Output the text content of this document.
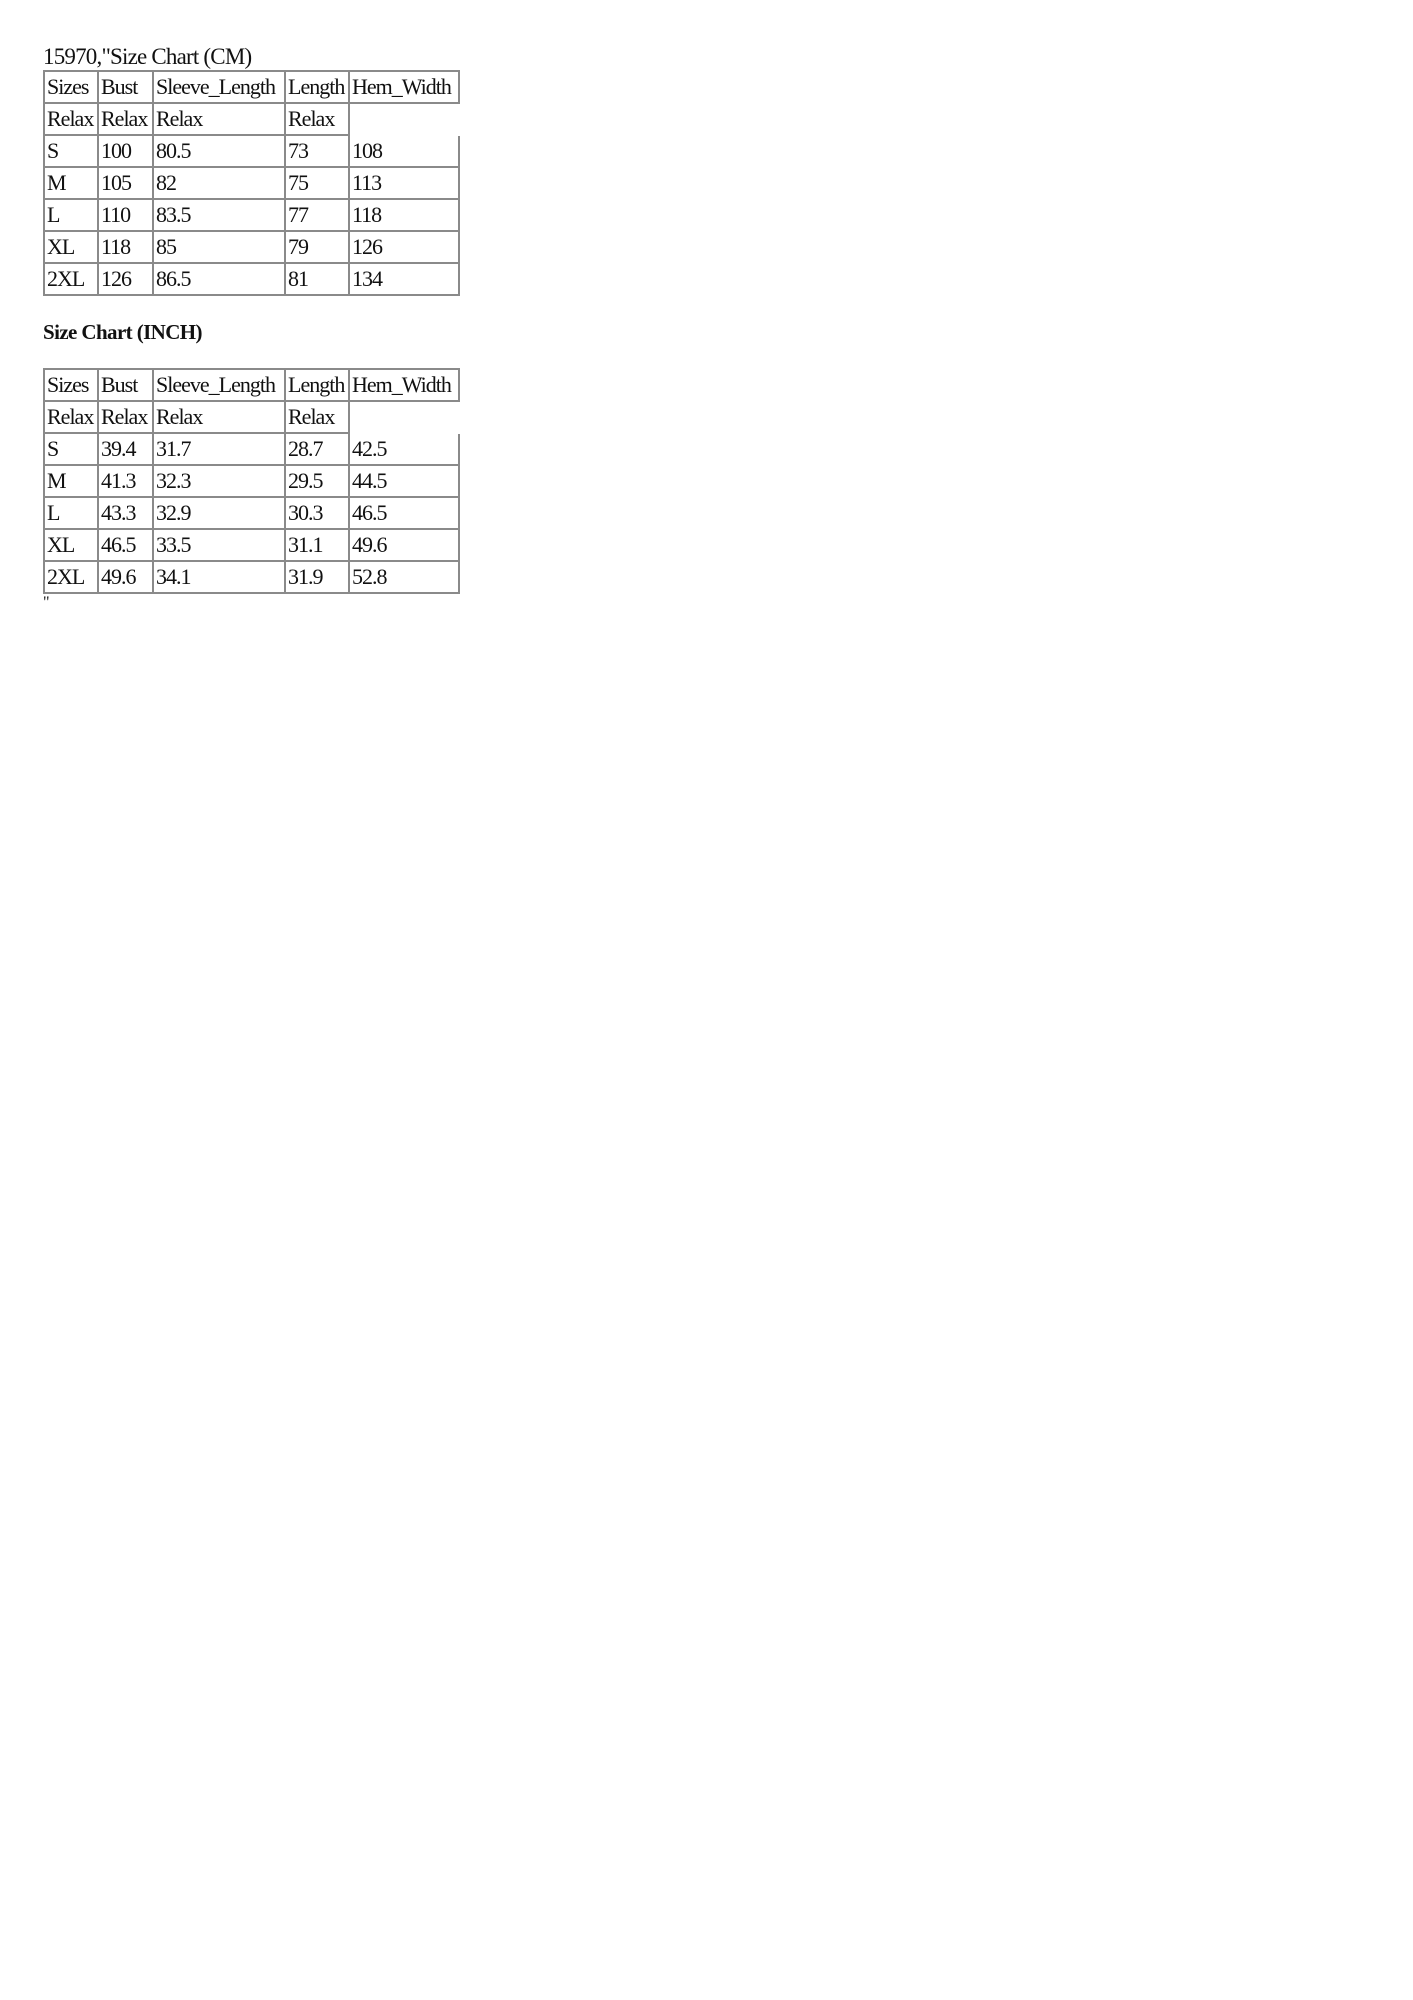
15970,"Size Chart (CM)
Sizes	Bust	Sleeve_Length	Length	Hem_Width
Relax	Relax	Relax	Relax	
S	100	80.5	73	108
M	105	82	75	113
L	110	83.5	77	118
XL	118	85	79	126
2XL	126	86.5	81	134
Size Chart (INCH)
Sizes	Bust	Sleeve_Length	Length	Hem_Width
Relax	Relax	Relax	Relax	
S	39.4	31.7	28.7	42.5
M	41.3	32.3	29.5	44.5
L	43.3	32.9	30.3	46.5
XL	46.5	33.5	31.1	49.6
2XL	49.6	34.1	31.9	52.8
"
